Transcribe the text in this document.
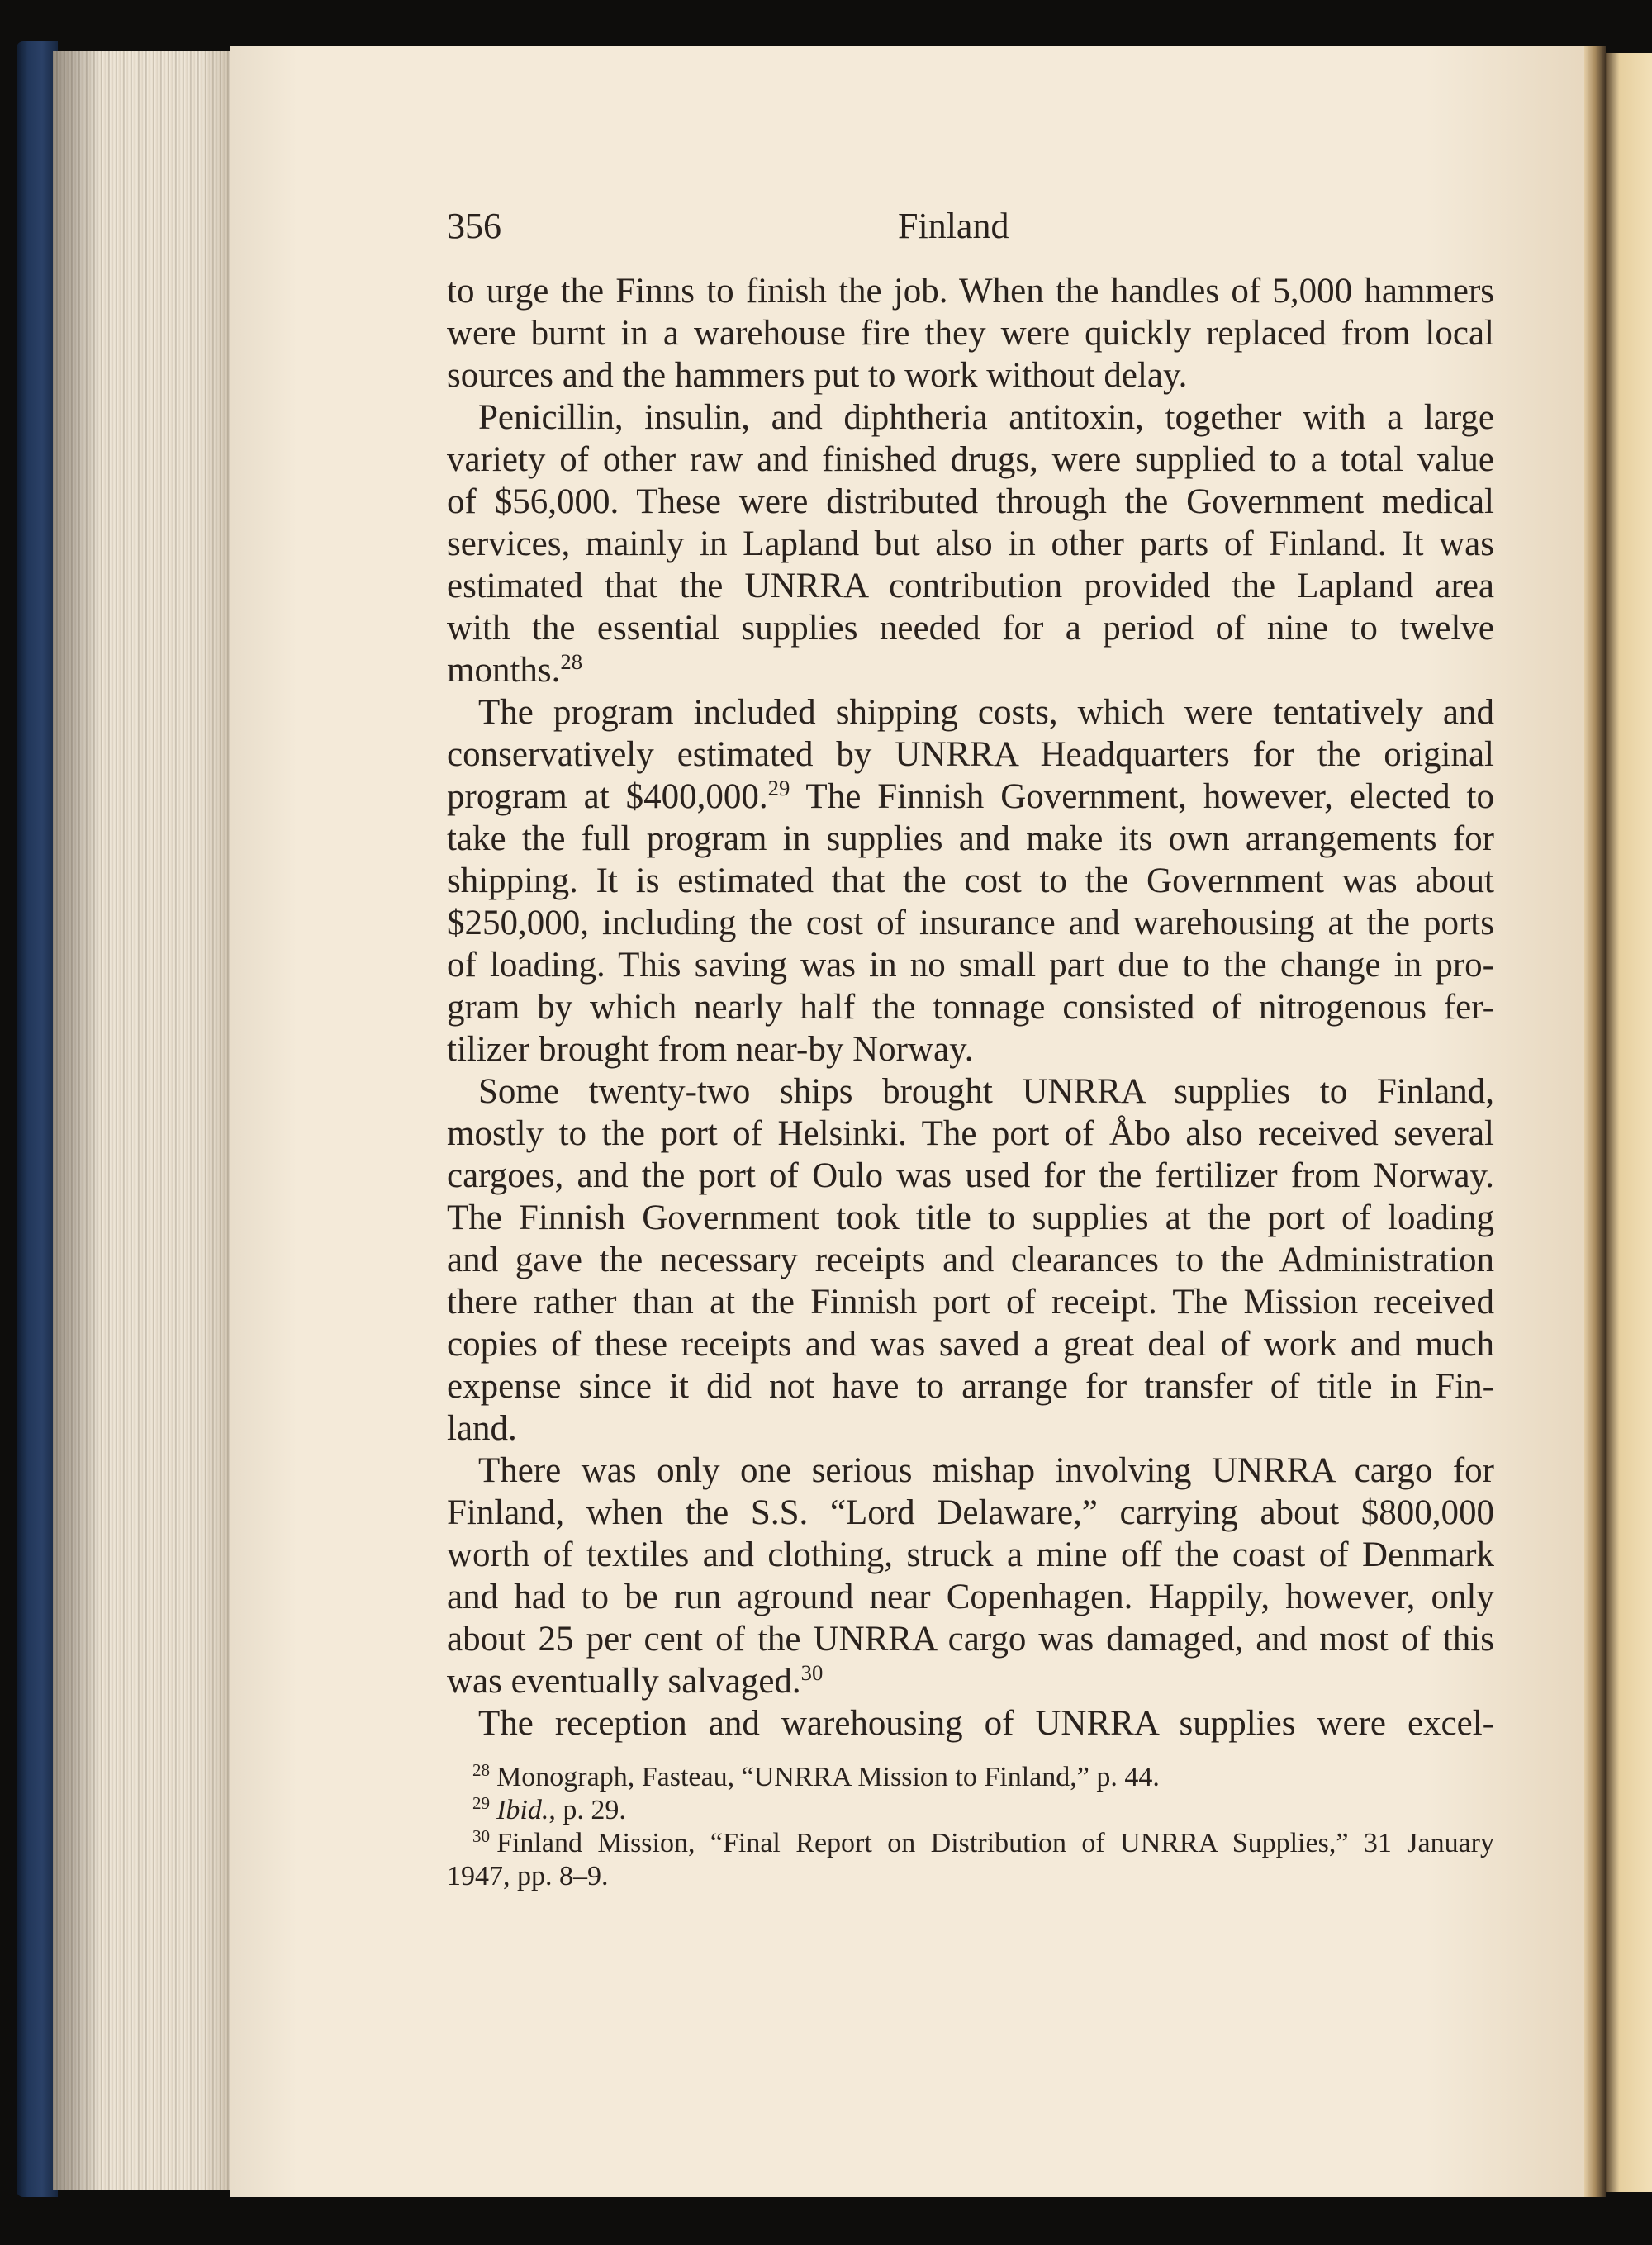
356	Finland
to urge the Finns to finish the job. When the handles of 5,000 hammers
were burnt in a warehouse fire they were quickly replaced from local
sources and the hammers put to work without delay.
Penicillin, insulin, and diphtheria antitoxin, together with a large
variety of other raw and finished drugs, were supplied to a total value
of $56,000. These were distributed through the Government medical
services, mainly in Lapland but also in other parts of Finland. It was
estimated that the UNRRA contribution provided the Lapland area
with the essential supplies needed for a period of nine to twelve
months.$^{28}$
The program included shipping costs, which were tentatively and
conservatively estimated by UNRRA Headquarters for the original
program at $400,000.29 The Finnish Government, however, elected to
take the full program in supplies and make its own arrangements for
shipping. It is estimated that the cost to the Government was about
$250,000, including the cost of insurance and warehousing at the ports
of loading. This saving was in no small part due to the change in pro-
gram by which nearly half the tonnage consisted of nitrogenous fer-
tilizer brought from near-by Norway.
Some twenty-two ships brought UNRRA supplies to Finland,
mostly to the port of Helsinki. The port of Åbo also received several
cargoes, and the port of Oulo was used for the fertilizer from Norway.
The Finnish Government took title to supplies at the port of loading
and gave the necessary receipts and clearances to the Administration
there rather than at the Finnish port of receipt. The Mission received
copies of these receipts and was saved a great deal of work and much
expense since it did not have to arrange for transfer of title in Fin-
land.
There was only one serious mishap involving UNRRA cargo for
Finland, when the S.S. “Lord Delaware,” carrying about $800,000
worth of textiles and clothing, struck a mine off the coast of Denmark
and had to be run aground near Copenhagen. Happily, however, only
about 25 per cent of the UNRRA cargo was damaged, and most of this
was eventually salvaged.$^{30}$
The reception and warehousing of UNRRA supplies were excel-
$^{28}$ Monograph, Fasteau, “UNRRA Mission to Finland,” p. 44.
$^{29}$ Ibid., p. 29.
$^{30}$ Finland Mission, “Final Report on Distribution of UNRRA Supplies,” 31 January
1947, pp. 8–9.
